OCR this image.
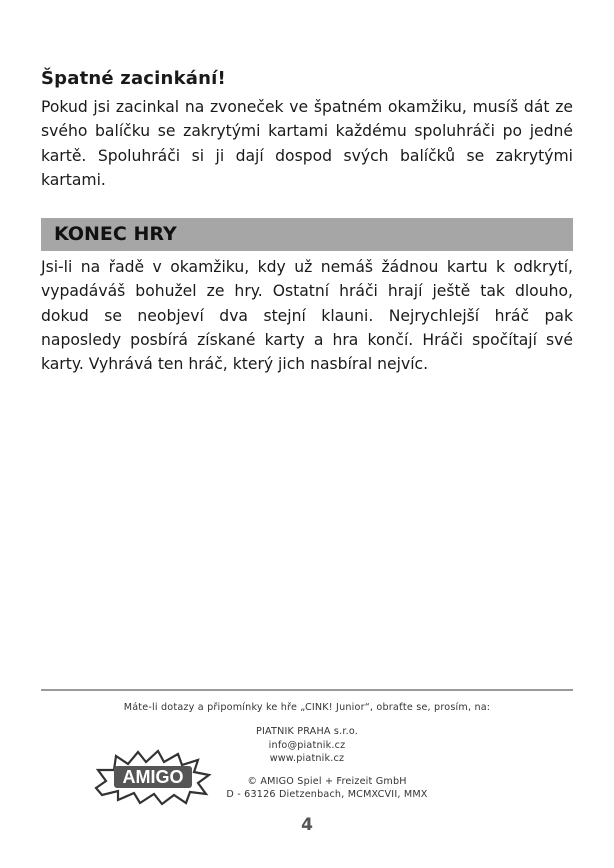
Špatné zacinkání!

Pokud jsi zacinkal na zvoneček ve špatném okamžiku, musíš dát ze svého balíčku se zakrytými kartami každému spoluhráči po jedné kartě. Spoluhráči si ji dají dospod svých balíčků se zakrytými kartami.

KONEC HRY

Jsi-li na řadě v okamžiku, kdy už nemáš žádnou kartu k odkrytí, vypadáváš bohužel ze hry. Ostatní hráči hrají ještě tak dlouho, dokud se neobjeví dva stejní klauni. Nejrychlejší hráč pak naposledy posbírá získané karty a hra končí. Hráči spočítají své karty. Vyhrává ten hráč, který jich nasbíral nejvíc.

Máte-li dotazy a připomínky ke hře „CINK! Junior“, obraťte se, prosím, na:
PIATNIK PRAHA s.r.o.
info@piatnik.cz
www.piatnik.cz
AMIGO	© AMIGO Spiel + Freizeit GmbH
D - 63126 Dietzenbach, MCMXCVII, MMX
4
